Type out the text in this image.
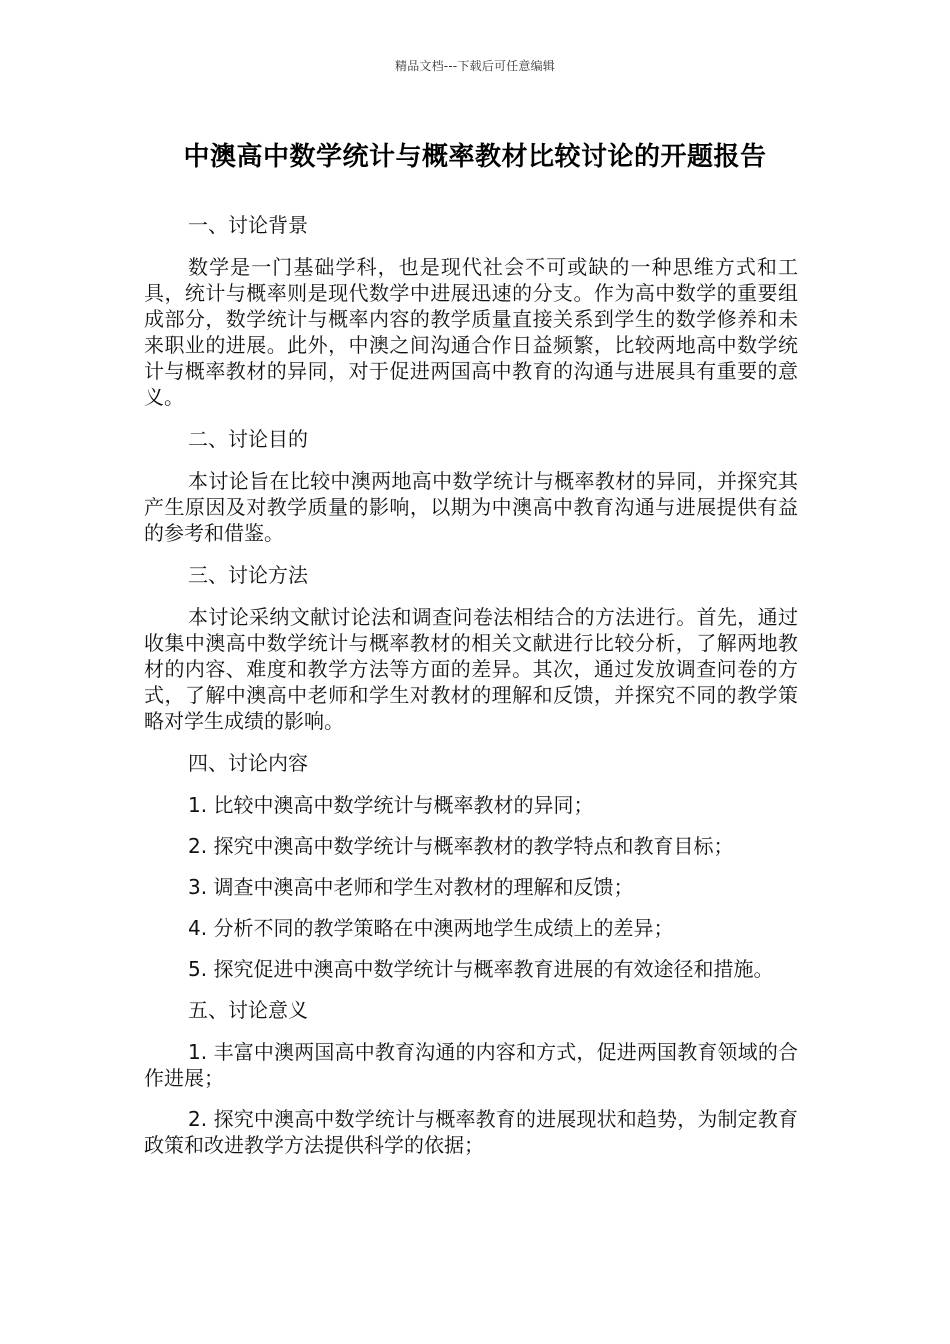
精品文档---下载后可任意编辑
中澳高中数学统计与概率教材比较讨论的开题报告

一、讨论背景

数学是一门基础学科，也是现代社会不可或缺的一种思维方式和工具，统计与概率则是现代数学中进展迅速的分支。作为高中数学的重要组成部分，数学统计与概率内容的教学质量直接关系到学生的数学修养和未来职业的进展。此外，中澳之间沟通合作日益频繁，比较两地高中数学统计与概率教材的异同，对于促进两国高中教育的沟通与进展具有重要的意义。

二、讨论目的

本讨论旨在比较中澳两地高中数学统计与概率教材的异同，并探究其产生原因及对教学质量的影响，以期为中澳高中教育沟通与进展提供有益的参考和借鉴。

三、讨论方法

本讨论采纳文献讨论法和调查问卷法相结合的方法进行。首先，通过收集中澳高中数学统计与概率教材的相关文献进行比较分析，了解两地教材的内容、难度和教学方法等方面的差异。其次，通过发放调查问卷的方式，了解中澳高中老师和学生对教材的理解和反馈，并探究不同的教学策略对学生成绩的影响。

四、讨论内容

1. 比较中澳高中数学统计与概率教材的异同；

2. 探究中澳高中数学统计与概率教材的教学特点和教育目标；

3. 调查中澳高中老师和学生对教材的理解和反馈；

4. 分析不同的教学策略在中澳两地学生成绩上的差异；

5. 探究促进中澳高中数学统计与概率教育进展的有效途径和措施。

五、讨论意义

1. 丰富中澳两国高中教育沟通的内容和方式，促进两国教育领域的合作进展；

2. 探究中澳高中数学统计与概率教育的进展现状和趋势，为制定教育政策和改进教学方法提供科学的依据；
